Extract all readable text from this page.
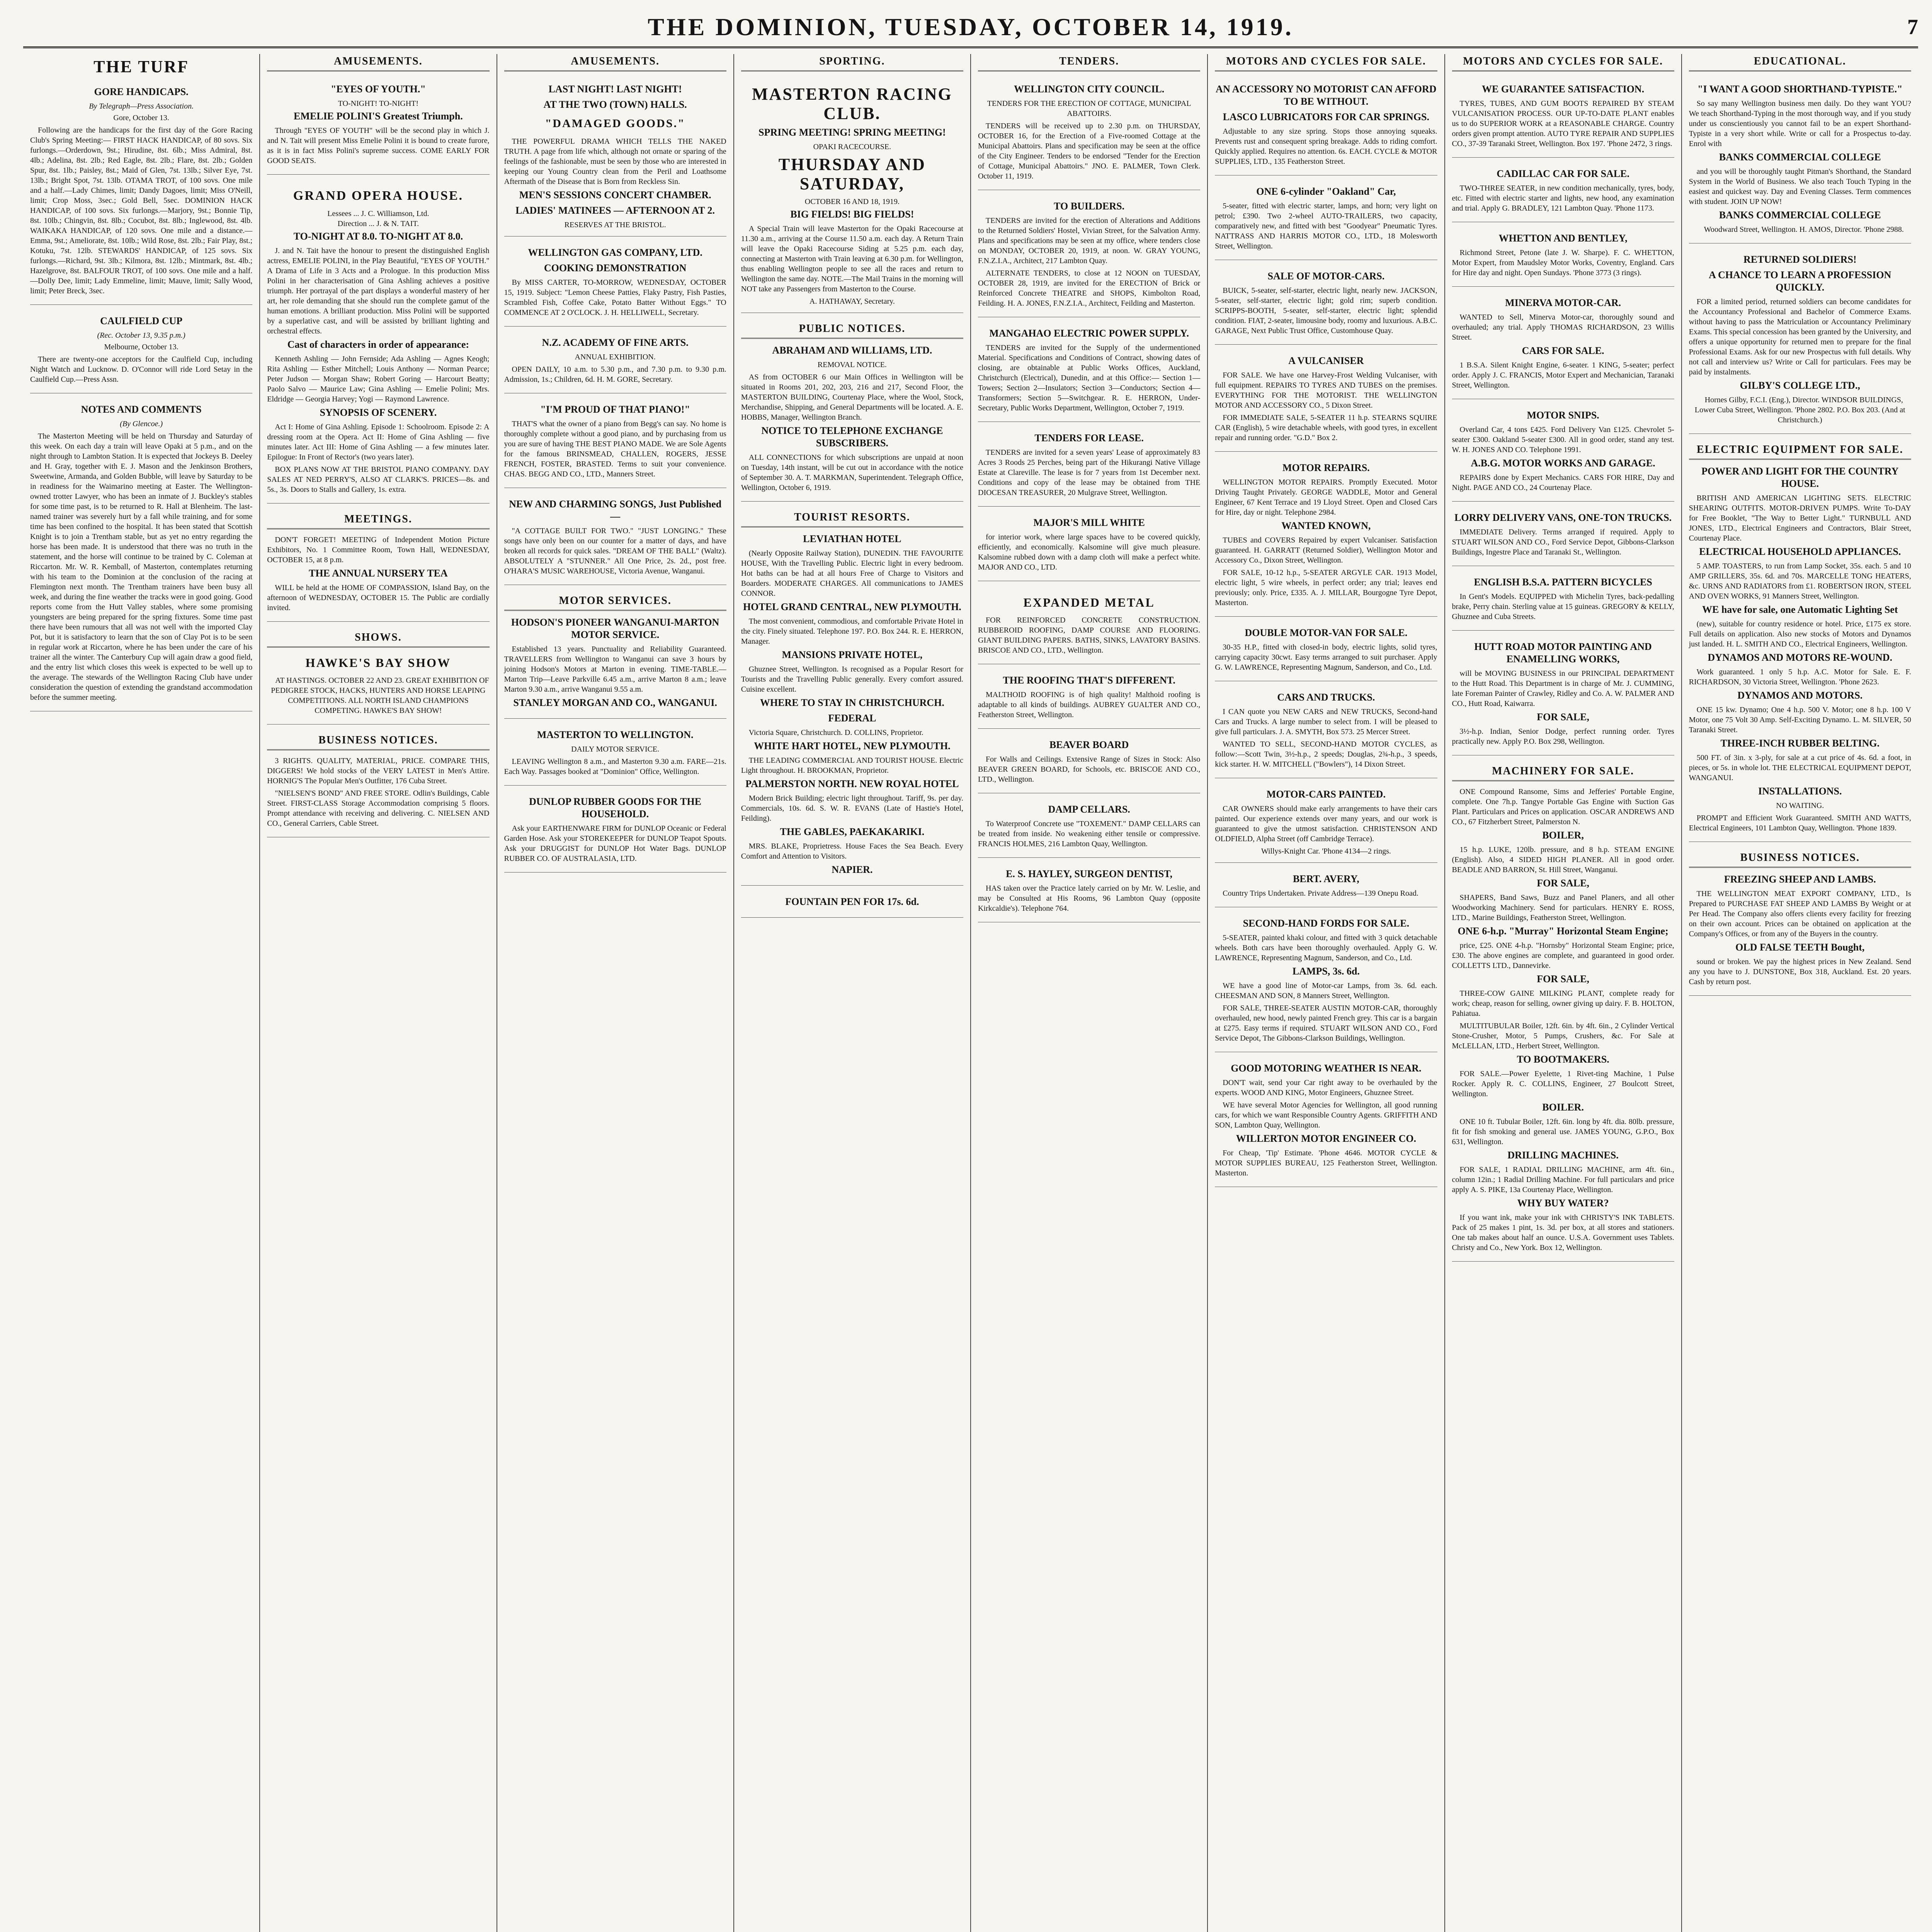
THE DOMINION, TUESDAY, OCTOBER 14, 1919.	7
THE TURF
GORE HANDICAPS.
By Telegraph—Press Association.
Gore, October 13.

Following are the handicaps for the first day of the Gore Racing Club's Spring Meeting:— FIRST HACK HANDICAP, of 80 sovs. Six furlongs.—Orderdown, 9st.; Hirudine, 8st. 6lb.; Miss Admiral, 8st. 4lb.; Adelina, 8st. 2lb.; Red Eagle, 8st. 2lb.; Flare, 8st. 2lb.; Golden Spur, 8st. 1lb.; Paisley, 8st.; Maid of Glen, 7st. 13lb.; Silver Eye, 7st. 13lb.; Bright Spot, 7st. 13lb. OTAMA TROT, of 100 sovs. One mile and a half.—Lady Chimes, limit; Dandy Dagoes, limit; Miss O'Neill, limit; Crop Moss, 3sec.; Gold Bell, 5sec. DOMINION HACK HANDICAP, of 100 sovs. Six furlongs.—Marjory, 9st.; Bonnie Tip, 8st. 10lb.; Chingvin, 8st. 8lb.; Cocubot, 8st. 8lb.; Inglewood, 8st. 4lb. WAIKAKA HANDICAP, of 120 sovs. One mile and a distance.—Emma, 9st.; Ameliorate, 8st. 10lb.; Wild Rose, 8st. 2lb.; Fair Play, 8st.; Kotuku, 7st. 12lb. STEWARDS' HANDICAP, of 125 sovs. Six furlongs.—Richard, 9st. 3lb.; Kilmora, 8st. 12lb.; Mintmark, 8st. 4lb.; Hazelgrove, 8st. BALFOUR TROT, of 100 sovs. One mile and a half.—Dolly Dee, limit; Lady Emmeline, limit; Mauve, limit; Sally Wood, limit; Peter Breck, 3sec.

CAULFIELD CUP
(Rec. October 13, 9.35 p.m.)
Melbourne, October 13.

There are twenty-one acceptors for the Caulfield Cup, including Night Watch and Lucknow. D. O'Connor will ride Lord Setay in the Caulfield Cup.—Press Assn.

NOTES AND COMMENTS
(By Glencoe.)

The Masterton Meeting will be held on Thursday and Saturday of this week. On each day a train will leave Opaki at 5 p.m., and on the night through to Lambton Station. It is expected that Jockeys B. Deeley and H. Gray, together with E. J. Mason and the Jenkinson Brothers, Sweetwine, Armanda, and Golden Bubble, will leave by Saturday to be in readiness for the Waimarino meeting at Easter. The Wellington-owned trotter Lawyer, who has been an inmate of J. Buckley's stables for some time past, is to be returned to R. Hall at Blenheim. The last-named trainer was severely hurt by a fall while training, and for some time has been confined to the hospital. It has been stated that Scottish Knight is to join a Trentham stable, but as yet no entry regarding the horse has been made. It is understood that there was no truth in the statement, and the horse will continue to be trained by C. Coleman at Riccarton. Mr. W. R. Kemball, of Masterton, contemplates returning with his team to the Dominion at the conclusion of the racing at Flemington next month. The Trentham trainers have been busy all week, and during the fine weather the tracks were in good going. Good reports come from the Hutt Valley stables, where some promising youngsters are being prepared for the spring fixtures. Some time past there have been rumours that all was not well with the imported Clay Pot, but it is satisfactory to learn that the son of Clay Pot is to be seen in regular work at Riccarton, where he has been under the care of his trainer all the winter. The Canterbury Cup will again draw a good field, and the entry list which closes this week is expected to be well up to the average. The stewards of the Wellington Racing Club have under consideration the question of extending the grandstand accommodation before the summer meeting.

AMUSEMENTS.
"EYES OF YOUTH."
TO-NIGHT! TO-NIGHT!
EMELIE POLINI'S Greatest Triumph.

Through "EYES OF YOUTH" will be the second play in which J. and N. Tait will present Miss Emelie Polini it is bound to create furore, as it is in fact Miss Polini's supreme success. COME EARLY FOR GOOD SEATS.

GRAND OPERA HOUSE.
Lessees ... J. C. Williamson, Ltd.
Direction ... J. & N. TAIT.
TO-NIGHT AT 8.0. TO-NIGHT AT 8.0.

J. and N. Tait have the honour to present the distinguished English actress, EMELIE POLINI, in the Play Beautiful, "EYES OF YOUTH." A Drama of Life in 3 Acts and a Prologue. In this production Miss Polini in her characterisation of Gina Ashling achieves a positive triumph. Her portrayal of the part displays a wonderful mastery of her art, her role demanding that she should run the complete gamut of the human emotions. A brilliant production. Miss Polini will be supported by a superlative cast, and will be assisted by brilliant lighting and orchestral effects.

Cast of characters in order of appearance:

Kenneth Ashling — John Fernside; Ada Ashling — Agnes Keogh; Rita Ashling — Esther Mitchell; Louis Anthony — Norman Pearce; Peter Judson — Morgan Shaw; Robert Goring — Harcourt Beatty; Paolo Salvo — Maurice Law; Gina Ashling — Emelie Polini; Mrs. Eldridge — Georgia Harvey; Yogi — Raymond Lawrence.

SYNOPSIS OF SCENERY.

Act I: Home of Gina Ashling. Episode 1: Schoolroom. Episode 2: A dressing room at the Opera. Act II: Home of Gina Ashling — five minutes later. Act III: Home of Gina Ashling — a few minutes later. Epilogue: In Front of Rector's (two years later).

BOX PLANS NOW AT THE BRISTOL PIANO COMPANY. DAY SALES AT NED PERRY'S, ALSO AT CLARK'S. PRICES—8s. and 5s., 3s. Doors to Stalls and Gallery, 1s. extra.

MEETINGS.

DON'T FORGET! MEETING of Independent Motion Picture Exhibitors, No. 1 Committee Room, Town Hall, WEDNESDAY, OCTOBER 15, at 8 p.m.

THE ANNUAL NURSERY TEA

WILL be held at the HOME OF COMPASSION, Island Bay, on the afternoon of WEDNESDAY, OCTOBER 15. The Public are cordially invited.

SHOWS.
HAWKE'S BAY SHOW

AT HASTINGS. OCTOBER 22 AND 23. GREAT EXHIBITION OF PEDIGREE STOCK, HACKS, HUNTERS AND HORSE LEAPING COMPETITIONS. ALL NORTH ISLAND CHAMPIONS COMPETING. HAWKE'S BAY SHOW!

BUSINESS NOTICES.

3 RIGHTS. QUALITY, MATERIAL, PRICE. COMPARE THIS, DIGGERS! We hold stocks of the VERY LATEST in Men's Attire. HORNIG'S The Popular Men's Outfitter, 176 Cuba Street.

"NIELSEN'S BOND" AND FREE STORE. Odlin's Buildings, Cable Street. FIRST-CLASS Storage Accommodation comprising 5 floors. Prompt attendance with receiving and delivering. C. NIELSEN AND CO., General Carriers, Cable Street.

AMUSEMENTS.
LAST NIGHT! LAST NIGHT!
AT THE TWO (TOWN) HALLS.
"DAMAGED GOODS."

THE POWERFUL DRAMA WHICH TELLS THE NAKED TRUTH. A page from life which, although not ornate or sparing of the feelings of the fashionable, must be seen by those who are interested in keeping our Young Country clean from the Peril and Loathsome Aftermath of the Disease that is Born from Reckless Sin.

MEN'S SESSIONS CONCERT CHAMBER.
LADIES' MATINEES — AFTERNOON AT 2.
RESERVES AT THE BRISTOL.
WELLINGTON GAS COMPANY, LTD.
COOKING DEMONSTRATION

By MISS CARTER, TO-MORROW, WEDNESDAY, OCTOBER 15, 1919. Subject: "Lemon Cheese Patties, Flaky Pastry, Fish Pasties, Scrambled Fish, Coffee Cake, Potato Batter Without Eggs." TO COMMENCE AT 2 O'CLOCK. J. H. HELLIWELL, Secretary.

N.Z. ACADEMY OF FINE ARTS.
ANNUAL EXHIBITION.

OPEN DAILY, 10 a.m. to 5.30 p.m., and 7.30 p.m. to 9.30 p.m. Admission, 1s.; Children, 6d. H. M. GORE, Secretary.

"I'M PROUD OF THAT PIANO!"

THAT'S what the owner of a piano from Begg's can say. No home is thoroughly complete without a good piano, and by purchasing from us you are sure of having THE BEST PIANO MADE. We are Sole Agents for the famous BRINSMEAD, CHALLEN, ROGERS, JESSE FRENCH, FOSTER, BRASTED. Terms to suit your convenience. CHAS. BEGG AND CO., LTD., Manners Street.

NEW AND CHARMING SONGS, Just Published—

"A COTTAGE BUILT FOR TWO." "JUST LONGING." These songs have only been on our counter for a matter of days, and have broken all records for quick sales. "DREAM OF THE BALL" (Waltz). ABSOLUTELY A "STUNNER." All One Price, 2s. 2d., post free. O'HARA'S MUSIC WAREHOUSE, Victoria Avenue, Wanganui.

MOTOR SERVICES.
HODSON'S PIONEER WANGANUI-MARTON MOTOR SERVICE.

Established 13 years. Punctuality and Reliability Guaranteed. TRAVELLERS from Wellington to Wanganui can save 3 hours by joining Hodson's Motors at Marton in evening. TIME-TABLE.—Marton Trip—Leave Parkville 6.45 a.m., arrive Marton 8 a.m.; leave Marton 9.30 a.m., arrive Wanganui 9.55 a.m.

STANLEY MORGAN AND CO., WANGANUI.
MASTERTON TO WELLINGTON.
DAILY MOTOR SERVICE.

LEAVING Wellington 8 a.m., and Masterton 9.30 a.m. FARE—21s. Each Way. Passages booked at "Dominion" Office, Wellington.

DUNLOP RUBBER GOODS FOR THE HOUSEHOLD.

Ask your EARTHENWARE FIRM for DUNLOP Oceanic or Federal Garden Hose. Ask your STOREKEEPER for DUNLOP Teapot Spouts. Ask your DRUGGIST for DUNLOP Hot Water Bags. DUNLOP RUBBER CO. OF AUSTRALASIA, LTD.

SPORTING.
MASTERTON RACING CLUB.
SPRING MEETING! SPRING MEETING!
OPAKI RACECOURSE.
THURSDAY AND SATURDAY,
OCTOBER 16 AND 18, 1919.
BIG FIELDS! BIG FIELDS!

A Special Train will leave Masterton for the Opaki Racecourse at 11.30 a.m., arriving at the Course 11.50 a.m. each day. A Return Train will leave the Opaki Racecourse Siding at 5.25 p.m. each day, connecting at Masterton with Train leaving at 6.30 p.m. for Wellington, thus enabling Wellington people to see all the races and return to Wellington the same day. NOTE.—The Mail Trains in the morning will NOT take any Passengers from Masterton to the Course.

A. HATHAWAY, Secretary.
PUBLIC NOTICES.
ABRAHAM AND WILLIAMS, LTD.
REMOVAL NOTICE.

AS from OCTOBER 6 our Main Offices in Wellington will be situated in Rooms 201, 202, 203, 216 and 217, Second Floor, the MASTERTON BUILDING, Courtenay Place, where the Wool, Stock, Merchandise, Shipping, and General Departments will be located. A. E. HOBBS, Manager, Wellington Branch.

NOTICE TO TELEPHONE EXCHANGE SUBSCRIBERS.

ALL CONNECTIONS for which subscriptions are unpaid at noon on Tuesday, 14th instant, will be cut out in accordance with the notice of September 30. A. T. MARKMAN, Superintendent. Telegraph Office, Wellington, October 6, 1919.

TOURIST RESORTS.
LEVIATHAN HOTEL

(Nearly Opposite Railway Station), DUNEDIN. THE FAVOURITE HOUSE, With the Travelling Public. Electric light in every bedroom. Hot baths can be had at all hours Free of Charge to Visitors and Boarders. MODERATE CHARGES. All communications to JAMES CONNOR.

HOTEL GRAND CENTRAL, NEW PLYMOUTH.

The most convenient, commodious, and comfortable Private Hotel in the city. Finely situated. Telephone 197. P.O. Box 244. R. E. HERRON, Manager.

MANSIONS PRIVATE HOTEL,

Ghuznee Street, Wellington. Is recognised as a Popular Resort for Tourists and the Travelling Public generally. Every comfort assured. Cuisine excellent.

WHERE TO STAY IN CHRISTCHURCH.
FEDERAL

Victoria Square, Christchurch. D. COLLINS, Proprietor.

WHITE HART HOTEL, NEW PLYMOUTH.

THE LEADING COMMERCIAL AND TOURIST HOUSE. Electric Light throughout. H. BROOKMAN, Proprietor.

PALMERSTON NORTH. NEW ROYAL HOTEL

Modern Brick Building; electric light throughout. Tariff, 9s. per day. Commercials, 10s. 6d. S. W. R. EVANS (Late of Hastie's Hotel, Feilding).

THE GABLES, PAEKAKARIKI.

MRS. BLAKE, Proprietress. House Faces the Sea Beach. Every Comfort and Attention to Visitors.

NAPIER.
FOUNTAIN PEN FOR 17s. 6d.
TENDERS.
WELLINGTON CITY COUNCIL.
TENDERS FOR THE ERECTION OF COTTAGE, MUNICIPAL ABATTOIRS.

TENDERS will be received up to 2.30 p.m. on THURSDAY, OCTOBER 16, for the Erection of a Five-roomed Cottage at the Municipal Abattoirs. Plans and specification may be seen at the office of the City Engineer. Tenders to be endorsed "Tender for the Erection of Cottage, Municipal Abattoirs." JNO. E. PALMER, Town Clerk. October 11, 1919.

TO BUILDERS.

TENDERS are invited for the erection of Alterations and Additions to the Returned Soldiers' Hostel, Vivian Street, for the Salvation Army. Plans and specifications may be seen at my office, where tenders close on MONDAY, OCTOBER 20, 1919, at noon. W. GRAY YOUNG, F.N.Z.I.A., Architect, 217 Lambton Quay.

ALTERNATE TENDERS, to close at 12 NOON on TUESDAY, OCTOBER 28, 1919, are invited for the ERECTION of Brick or Reinforced Concrete THEATRE and SHOPS, Kimbolton Road, Feilding. H. A. JONES, F.N.Z.I.A., Architect, Feilding and Masterton.

MANGAHAO ELECTRIC POWER SUPPLY.

TENDERS are invited for the Supply of the undermentioned Material. Specifications and Conditions of Contract, showing dates of closing, are obtainable at Public Works Offices, Auckland, Christchurch (Electrical), Dunedin, and at this Office:— Section 1—Towers; Section 2—Insulators; Section 3—Conductors; Section 4—Transformers; Section 5—Switchgear. R. E. HERRON, Under-Secretary, Public Works Department, Wellington, October 7, 1919.

TENDERS FOR LEASE.

TENDERS are invited for a seven years' Lease of approximately 83 Acres 3 Roods 25 Perches, being part of the Hikurangi Native Village Estate at Clareville. The lease is for 7 years from 1st December next. Conditions and copy of the lease may be obtained from THE DIOCESAN TREASURER, 20 Mulgrave Street, Wellington.

MAJOR'S MILL WHITE

for interior work, where large spaces have to be covered quickly, efficiently, and economically. Kalsomine will give much pleasure. Kalsomine rubbed down with a damp cloth will make a perfect white. MAJOR AND CO., LTD.

EXPANDED METAL

FOR REINFORCED CONCRETE CONSTRUCTION. RUBBEROID ROOFING, DAMP COURSE AND FLOORING. GIANT BUILDING PAPERS. BATHS, SINKS, LAVATORY BASINS. BRISCOE AND CO., LTD., Wellington.

THE ROOFING THAT'S DIFFERENT.

MALTHOID ROOFING is of high quality! Malthoid roofing is adaptable to all kinds of buildings. AUBREY GUALTER AND CO., Featherston Street, Wellington.

BEAVER BOARD

For Walls and Ceilings. Extensive Range of Sizes in Stock: Also BEAVER GREEN BOARD, for Schools, etc. BRISCOE AND CO., LTD., Wellington.

DAMP CELLARS.

To Waterproof Concrete use "TOXEMENT." DAMP CELLARS can be treated from inside. No weakening either tensile or compressive. FRANCIS HOLMES, 216 Lambton Quay, Wellington.

E. S. HAYLEY, SURGEON DENTIST,

HAS taken over the Practice lately carried on by Mr. W. Leslie, and may be Consulted at His Rooms, 96 Lambton Quay (opposite Kirkcaldie's). Telephone 764.

MOTORS AND CYCLES FOR SALE.
AN ACCESSORY NO MOTORIST CAN AFFORD TO BE WITHOUT.
LASCO LUBRICATORS FOR CAR SPRINGS.

Adjustable to any size spring. Stops those annoying squeaks. Prevents rust and consequent spring breakage. Adds to riding comfort. Quickly applied. Requires no attention. 6s. EACH. CYCLE & MOTOR SUPPLIES, LTD., 135 Featherston Street.

ONE 6-cylinder "Oakland" Car,

5-seater, fitted with electric starter, lamps, and horn; very light on petrol; £390. Two 2-wheel AUTO-TRAILERS, two capacity, comparatively new, and fitted with best "Goodyear" Pneumatic Tyres. NATTRASS AND HARRIS MOTOR CO., LTD., 18 Molesworth Street, Wellington.

SALE OF MOTOR-CARS.

BUICK, 5-seater, self-starter, electric light, nearly new. JACKSON, 5-seater, self-starter, electric light; gold rim; superb condition. SCRIPPS-BOOTH, 5-seater, self-starter, electric light; splendid condition. FIAT, 2-seater, limousine body, roomy and luxurious. A.B.C. GARAGE, Next Public Trust Office, Customhouse Quay.

A VULCANISER

FOR SALE. We have one Harvey-Frost Welding Vulcaniser, with full equipment. REPAIRS TO TYRES AND TUBES on the premises. EVERYTHING FOR THE MOTORIST. THE WELLINGTON MOTOR AND ACCESSORY CO., 5 Dixon Street.

FOR IMMEDIATE SALE, 5-SEATER 11 h.p. STEARNS SQUIRE CAR (English), 5 wire detachable wheels, with good tyres, in excellent repair and running order. "G.D." Box 2.

MOTOR REPAIRS.

WELLINGTON MOTOR REPAIRS. Promptly Executed. Motor Driving Taught Privately. GEORGE WADDLE, Motor and General Engineer, 67 Kent Terrace and 19 Lloyd Street. Open and Closed Cars for Hire, day or night. Telephone 2984.

WANTED KNOWN,

TUBES and COVERS Repaired by expert Vulcaniser. Satisfaction guaranteed. H. GARRATT (Returned Soldier), Wellington Motor and Accessory Co., Dixon Street, Wellington.

FOR SALE, 10-12 h.p., 5-SEATER ARGYLE CAR. 1913 Model, electric light, 5 wire wheels, in perfect order; any trial; leaves end previously; only. Price, £335. A. J. MILLAR, Bourgogne Tyre Depot, Masterton.

DOUBLE MOTOR-VAN FOR SALE.

30-35 H.P., fitted with closed-in body, electric lights, solid tyres, carrying capacity 30cwt. Easy terms arranged to suit purchaser. Apply G. W. LAWRENCE, Representing Magnum, Sanderson, and Co., Ltd.

CARS AND TRUCKS.

I CAN quote you NEW CARS and NEW TRUCKS, Second-hand Cars and Trucks. A large number to select from. I will be pleased to give full particulars. J. A. SMYTH, Box 573. 25 Mercer Street.

WANTED TO SELL, SECOND-HAND MOTOR CYCLES, as follow:—Scott Twin, 3½-h.p., 2 speeds; Douglas, 2¾-h.p., 3 speeds, kick starter. H. W. MITCHELL ("Bowlers"), 14 Dixon Street.

MOTOR-CARS PAINTED.

CAR OWNERS should make early arrangements to have their cars painted. Our experience extends over many years, and our work is guaranteed to give the utmost satisfaction. CHRISTENSON AND OLDFIELD, Alpha Street (off Cambridge Terrace).

Willys-Knight Car. 'Phone 4134—2 rings.
BERT. AVERY,

Country Trips Undertaken. Private Address—139 Onepu Road.

SECOND-HAND FORDS FOR SALE.

5-SEATER, painted khaki colour, and fitted with 3 quick detachable wheels. Both cars have been thoroughly overhauled. Apply G. W. LAWRENCE, Representing Magnum, Sanderson, and Co., Ltd.

LAMPS, 3s. 6d.

WE have a good line of Motor-car Lamps, from 3s. 6d. each. CHEESMAN AND SON, 8 Manners Street, Wellington.

FOR SALE, THREE-SEATER AUSTIN MOTOR-CAR, thoroughly overhauled, new hood, newly painted French grey. This car is a bargain at £275. Easy terms if required. STUART WILSON AND CO., Ford Service Depot, The Gibbons-Clarkson Buildings, Wellington.

GOOD MOTORING WEATHER IS NEAR.

DON'T wait, send your Car right away to be overhauled by the experts. WOOD AND KING, Motor Engineers, Ghuznee Street.

WE have several Motor Agencies for Wellington, all good running cars, for which we want Responsible Country Agents. GRIFFITH AND SON, Lambton Quay, Wellington.

WILLERTON MOTOR ENGINEER CO.

For Cheap, 'Tip' Estimate. 'Phone 4646. MOTOR CYCLE & MOTOR SUPPLIES BUREAU, 125 Featherston Street, Wellington. Masterton.

MOTORS AND CYCLES FOR SALE.
WE GUARANTEE SATISFACTION.

TYRES, TUBES, AND GUM BOOTS REPAIRED BY STEAM VULCANISATION PROCESS. OUR UP-TO-DATE PLANT enables us to do SUPERIOR WORK at a REASONABLE CHARGE. Country orders given prompt attention. AUTO TYRE REPAIR AND SUPPLIES CO., 37-39 Taranaki Street, Wellington. Box 197. 'Phone 2472, 3 rings.

CADILLAC CAR FOR SALE.

TWO-THREE SEATER, in new condition mechanically, tyres, body, etc. Fitted with electric starter and lights, new hood, any examination and trial. Apply G. BRADLEY, 121 Lambton Quay. 'Phone 1173.

WHETTON AND BENTLEY,

Richmond Street, Petone (late J. W. Sharpe). F. C. WHETTON, Motor Expert, from Maudsley Motor Works, Coventry, England. Cars for Hire day and night. Open Sundays. 'Phone 3773 (3 rings).

MINERVA MOTOR-CAR.

WANTED to Sell, Minerva Motor-car, thoroughly sound and overhauled; any trial. Apply THOMAS RICHARDSON, 23 Willis Street.

CARS FOR SALE.

1 B.S.A. Silent Knight Engine, 6-seater. 1 KING, 5-seater; perfect order. Apply J. C. FRANCIS, Motor Expert and Mechanician, Taranaki Street, Wellington.

MOTOR SNIPS.

Overland Car, 4 tons £425. Ford Delivery Van £125. Chevrolet 5-seater £300. Oakland 5-seater £300. All in good order, stand any test. W. H. JONES AND CO. Telephone 1991.

A.B.G. MOTOR WORKS AND GARAGE.

REPAIRS done by Expert Mechanics. CARS FOR HIRE, Day and Night. PAGE AND CO., 24 Courtenay Place.

LORRY DELIVERY VANS, ONE-TON TRUCKS.

IMMEDIATE Delivery. Terms arranged if required. Apply to STUART WILSON AND CO., Ford Service Depot, Gibbons-Clarkson Buildings, Ingestre Place and Taranaki St., Wellington.

ENGLISH B.S.A. PATTERN BICYCLES

In Gent's Models. EQUIPPED with Michelin Tyres, back-pedalling brake, Perry chain. Sterling value at 15 guineas. GREGORY & KELLY, Ghuznee and Cuba Streets.

HUTT ROAD MOTOR PAINTING AND ENAMELLING WORKS,

will be MOVING BUSINESS in our PRINCIPAL DEPARTMENT to the Hutt Road. This Department is in charge of Mr. J. CUMMING, late Foreman Painter of Crawley, Ridley and Co. A. W. PALMER AND CO., Hutt Road, Kaiwarra.

FOR SALE,

3½-h.p. Indian, Senior Dodge, perfect running order. Tyres practically new. Apply P.O. Box 298, Wellington.

MACHINERY FOR SALE.

ONE Compound Ransome, Sims and Jefferies' Portable Engine, complete. One 7h.p. Tangye Portable Gas Engine with Suction Gas Plant. Particulars and Prices on application. OSCAR ANDREWS AND CO., 67 Fitzherbert Street, Palmerston N.

BOILER,

15 h.p. LUKE, 120lb. pressure, and 8 h.p. STEAM ENGINE (English). Also, 4 SIDED HIGH PLANER. All in good order. BEADLE AND BARRON, St. Hill Street, Wanganui.

FOR SALE,

SHAPERS, Band Saws, Buzz and Panel Planers, and all other Woodworking Machinery. Send for particulars. HENRY E. ROSS, LTD., Marine Buildings, Featherston Street, Wellington.

ONE 6-h.p. "Murray" Horizontal Steam Engine;

price, £25. ONE 4-h.p. "Hornsby" Horizontal Steam Engine; price, £30. The above engines are complete, and guaranteed in good order. COLLETTS LTD., Dannevirke.

FOR SALE,

THREE-COW GAINE MILKING PLANT, complete ready for work; cheap, reason for selling, owner giving up dairy. F. B. HOLTON, Pahiatua.

MULTITUBULAR Boiler, 12ft. 6in. by 4ft. 6in., 2 Cylinder Vertical Stone-Crusher, Motor, 5 Pumps, Crushers, &c. For Sale at McLELLAN, LTD., Herbert Street, Wellington.

TO BOOTMAKERS.

FOR SALE.—Power Eyelette, 1 Rivet-ting Machine, 1 Pulse Rocker. Apply R. C. COLLINS, Engineer, 27 Boulcott Street, Wellington.

BOILER.

ONE 10 ft. Tubular Boiler, 12ft. 6in. long by 4ft. dia. 80lb. pressure, fit for fish smoking and general use. JAMES YOUNG, G.P.O., Box 631, Wellington.

DRILLING MACHINES.

FOR SALE, 1 RADIAL DRILLING MACHINE, arm 4ft. 6in., column 12in.; 1 Radial Drilling Machine. For full particulars and price apply A. S. PIKE, 13a Courtenay Place, Wellington.

WHY BUY WATER?

If you want ink, make your ink with CHRISTY'S INK TABLETS. Pack of 25 makes 1 pint, 1s. 3d. per box, at all stores and stationers. One tab makes about half an ounce. U.S.A. Government uses Tablets. Christy and Co., New York. Box 12, Wellington.

EDUCATIONAL.
"I WANT A GOOD SHORTHAND-TYPISTE."

So say many Wellington business men daily. Do they want YOU? We teach Shorthand-Typing in the most thorough way, and if you study under us conscientiously you cannot fail to be an expert Shorthand-Typiste in a very short while. Write or call for a Prospectus to-day. Enrol with

BANKS COMMERCIAL COLLEGE

and you will be thoroughly taught Pitman's Shorthand, the Standard System in the World of Business. We also teach Touch Typing in the easiest and quickest way. Day and Evening Classes. Term commences with student. JOIN UP NOW!

BANKS COMMERCIAL COLLEGE

Woodward Street, Wellington. H. AMOS, Director. 'Phone 2988.

RETURNED SOLDIERS!
A CHANCE TO LEARN A PROFESSION QUICKLY.

FOR a limited period, returned soldiers can become candidates for the Accountancy Professional and Bachelor of Commerce Exams. without having to pass the Matriculation or Accountancy Preliminary Exams. This special concession has been granted by the University, and offers a unique opportunity for returned men to prepare for the final Professional Exams. Ask for our new Prospectus with full details. Why not call and interview us? Write or Call for particulars. Fees may be paid by instalments.

GILBY'S COLLEGE LTD.,

Hornes Gilby, F.C.I. (Eng.), Director. WINDSOR BUILDINGS, Lower Cuba Street, Wellington. 'Phone 2802. P.O. Box 203. (And at Christchurch.)

ELECTRIC EQUIPMENT FOR SALE.
POWER AND LIGHT FOR THE COUNTRY HOUSE.

BRITISH AND AMERICAN LIGHTING SETS. ELECTRIC SHEARING OUTFITS. MOTOR-DRIVEN PUMPS. Write To-DAY for Free Booklet, "The Way to Better Light." TURNBULL AND JONES, LTD., Electrical Engineers and Contractors, Blair Street, Courtenay Place.

ELECTRICAL HOUSEHOLD APPLIANCES.

5 AMP. TOASTERS, to run from Lamp Socket, 35s. each. 5 and 10 AMP GRILLERS, 35s. 6d. and 70s. MARCELLE TONG HEATERS, &c. URNS AND RADIATORS from £1. ROBERTSON IRON, STEEL AND OVEN WORKS, 91 Manners Street, Wellington.

WE have for sale, one Automatic Lighting Set

(new), suitable for country residence or hotel. Price, £175 ex store. Full details on application. Also new stocks of Motors and Dynamos just landed. H. L. SMITH AND CO., Electrical Engineers, Wellington.

DYNAMOS AND MOTORS RE-WOUND.

Work guaranteed. 1 only 5 h.p. A.C. Motor for Sale. E. F. RICHARDSON, 30 Victoria Street, Wellington. 'Phone 2623.

DYNAMOS AND MOTORS.

ONE 15 kw. Dynamo; One 4 h.p. 500 V. Motor; one 8 h.p. 100 V Motor, one 75 Volt 30 Amp. Self-Exciting Dynamo. L. M. SILVER, 50 Taranaki Street.

THREE-INCH RUBBER BELTING.

500 FT. of 3in. x 3-ply, for sale at a cut price of 4s. 6d. a foot, in pieces, or 5s. in whole lot. THE ELECTRICAL EQUIPMENT DEPOT, WANGANUI.

INSTALLATIONS.
NO WAITING.

PROMPT and Efficient Work Guaranteed. SMITH AND WATTS, Electrical Engineers, 101 Lambton Quay, Wellington. 'Phone 1839.

BUSINESS NOTICES.
FREEZING SHEEP AND LAMBS.

THE WELLINGTON MEAT EXPORT COMPANY, LTD., Is Prepared to PURCHASE FAT SHEEP AND LAMBS By Weight or at Per Head. The Company also offers clients every facility for freezing on their own account. Prices can be obtained on application at the Company's Offices, or from any of the Buyers in the country.

OLD FALSE TEETH Bought,

sound or broken. We pay the highest prices in New Zealand. Send any you have to J. DUNSTONE, Box 318, Auckland. Est. 20 years. Cash by return post.
